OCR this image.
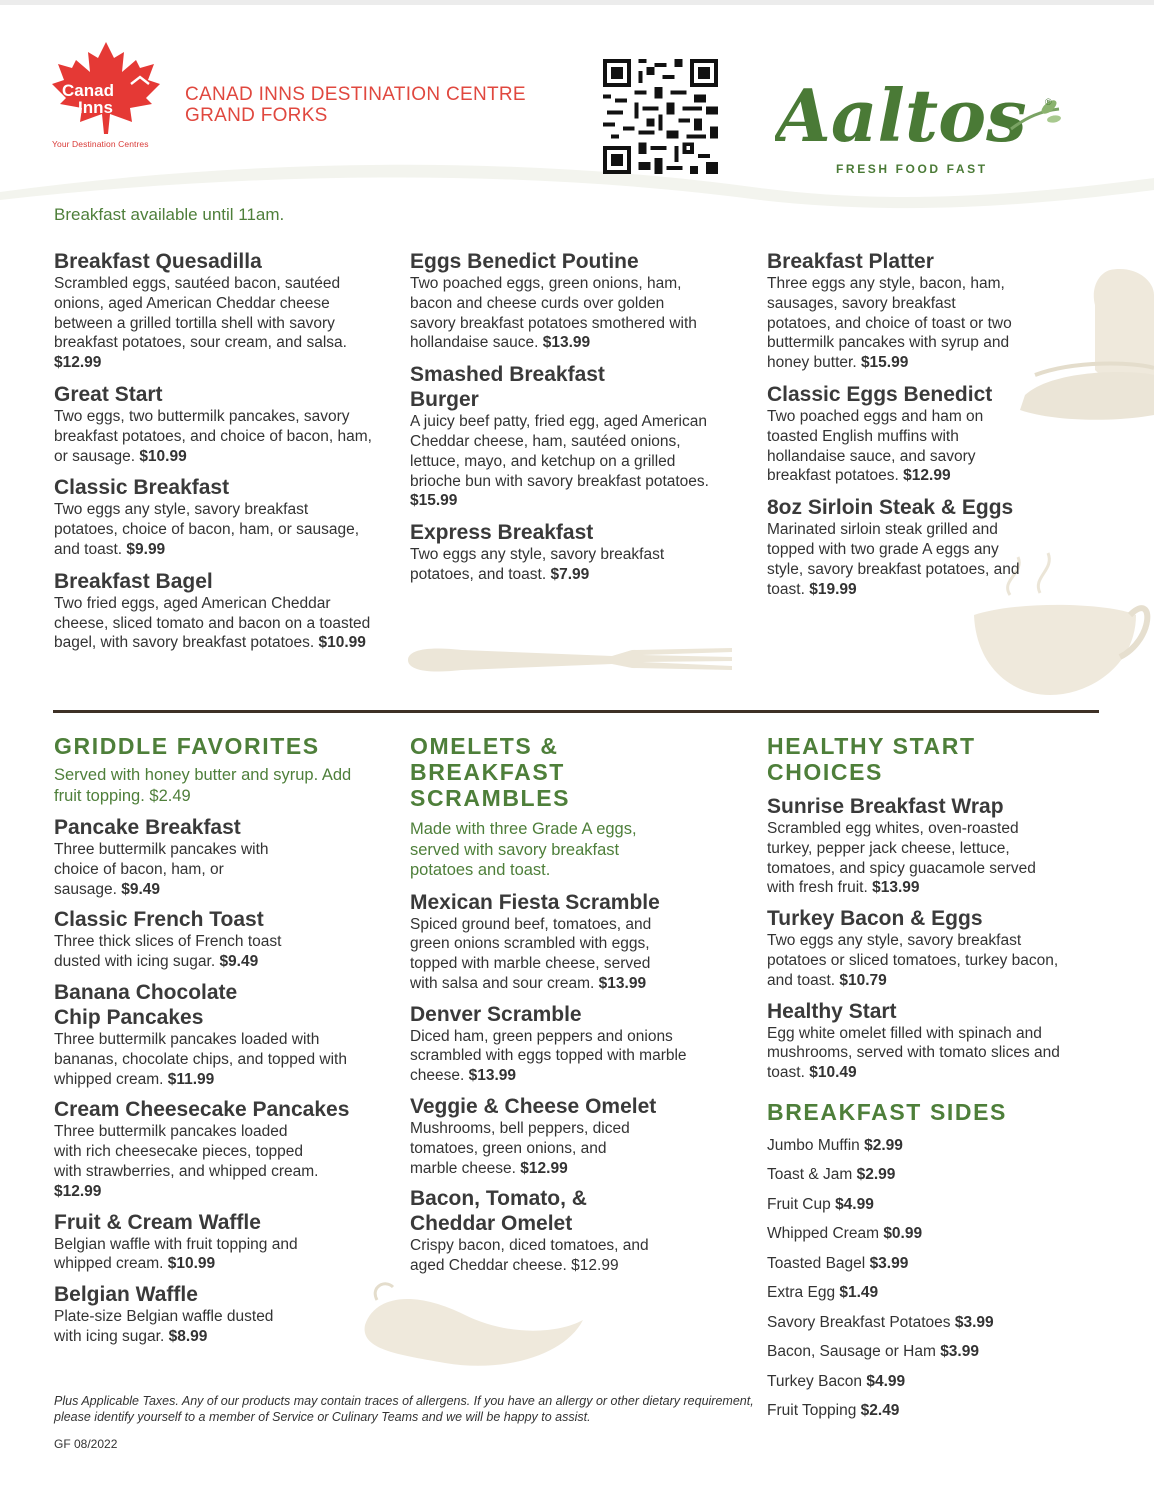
Canad
Inns
Your Destination Centres
CANAD INNS DESTINATION CENTRE
GRAND FORKS	Aaltos ®
FRESH FOOD FAST
Breakfast available until 11am.
Breakfast Quesadilla
Scrambled eggs, sautéed bacon, sautéed onions, aged American Cheddar cheese between a grilled tortilla shell with savory breakfast potatoes, sour cream, and salsa. $12.99
Great Start
Two eggs, two buttermilk pancakes, savory breakfast potatoes, and choice of bacon, ham, or sausage. $10.99
Classic Breakfast
Two eggs any style, savory breakfast potatoes, choice of bacon, ham, or sausage, and toast. $9.99
Breakfast Bagel
Two fried eggs, aged American Cheddar cheese, sliced tomato and bacon on a toasted bagel, with savory breakfast potatoes. $10.99
Eggs Benedict Poutine
Two poached eggs, green onions, ham, bacon and cheese curds over golden savory breakfast potatoes smothered with hollandaise sauce. $13.99
Smashed Breakfast Burger
A juicy beef patty, fried egg, aged American Cheddar cheese, ham, sautéed onions, lettuce, mayo, and ketchup on a grilled brioche bun with savory breakfast potatoes. $15.99
Express Breakfast
Two eggs any style, savory breakfast potatoes, and toast. $7.99
Breakfast Platter
Three eggs any style, bacon, ham, sausages, savory breakfast potatoes, and choice of toast or two buttermilk pancakes with syrup and honey butter. $15.99
Classic Eggs Benedict
Two poached eggs and ham on toasted English muffins with hollandaise sauce, and savory breakfast potatoes. $12.99
8oz Sirloin Steak & Eggs
Marinated sirloin steak grilled and topped with two grade A eggs any style, savory breakfast potatoes, and toast. $19.99
GRIDDLE FAVORITES
Served with honey butter and syrup. Add fruit topping. $2.49
Pancake Breakfast
Three buttermilk pancakes with choice of bacon, ham, or sausage. $9.49
Classic French Toast
Three thick slices of French toast dusted with icing sugar. $9.49
Banana Chocolate Chip Pancakes
Three buttermilk pancakes loaded with bananas, chocolate chips, and topped with whipped cream. $11.99
Cream Cheesecake Pancakes
Three buttermilk pancakes loaded with rich cheesecake pieces, topped with strawberries, and whipped cream. $12.99
Fruit & Cream Waffle
Belgian waffle with fruit topping and whipped cream. $10.99
Belgian Waffle
Plate-size Belgian waffle dusted with icing sugar. $8.99
OMELETS & BREAKFAST
SCRAMBLES
Made with three Grade A eggs, served with savory breakfast potatoes and toast.
Mexican Fiesta Scramble
Spiced ground beef, tomatoes, and green onions scrambled with eggs, topped with marble cheese, served with salsa and sour cream. $13.99
Denver Scramble
Diced ham, green peppers and onions scrambled with eggs topped with marble cheese. $13.99
Veggie & Cheese Omelet
Mushrooms, bell peppers, diced tomatoes, green onions, and marble cheese. $12.99
Bacon, Tomato, & Cheddar Omelet
Crispy bacon, diced tomatoes, and aged Cheddar cheese. $12.99
HEALTHY START
CHOICES
Sunrise Breakfast Wrap
Scrambled egg whites, oven-roasted turkey, pepper jack cheese, lettuce, tomatoes, and spicy guacamole served with fresh fruit. $13.99
Turkey Bacon & Eggs
Two eggs any style, savory breakfast potatoes or sliced tomatoes, turkey bacon, and toast. $10.79
Healthy Start
Egg white omelet filled with spinach and mushrooms, served with tomato slices and toast. $10.49
BREAKFAST SIDES
Jumbo Muffin $2.99
Toast & Jam $2.99
Fruit Cup $4.99
Whipped Cream $0.99
Toasted Bagel $3.99
Extra Egg $1.49
Savory Breakfast Potatoes $3.99
Bacon, Sausage or Ham $3.99
Turkey Bacon $4.99
Fruit Topping $2.49
Plus Applicable Taxes. Any of our products may contain traces of allergens. If you have an allergy or other dietary requirement, please identify yourself to a member of Service or Culinary Teams and we will be happy to assist.
GF 08/2022
